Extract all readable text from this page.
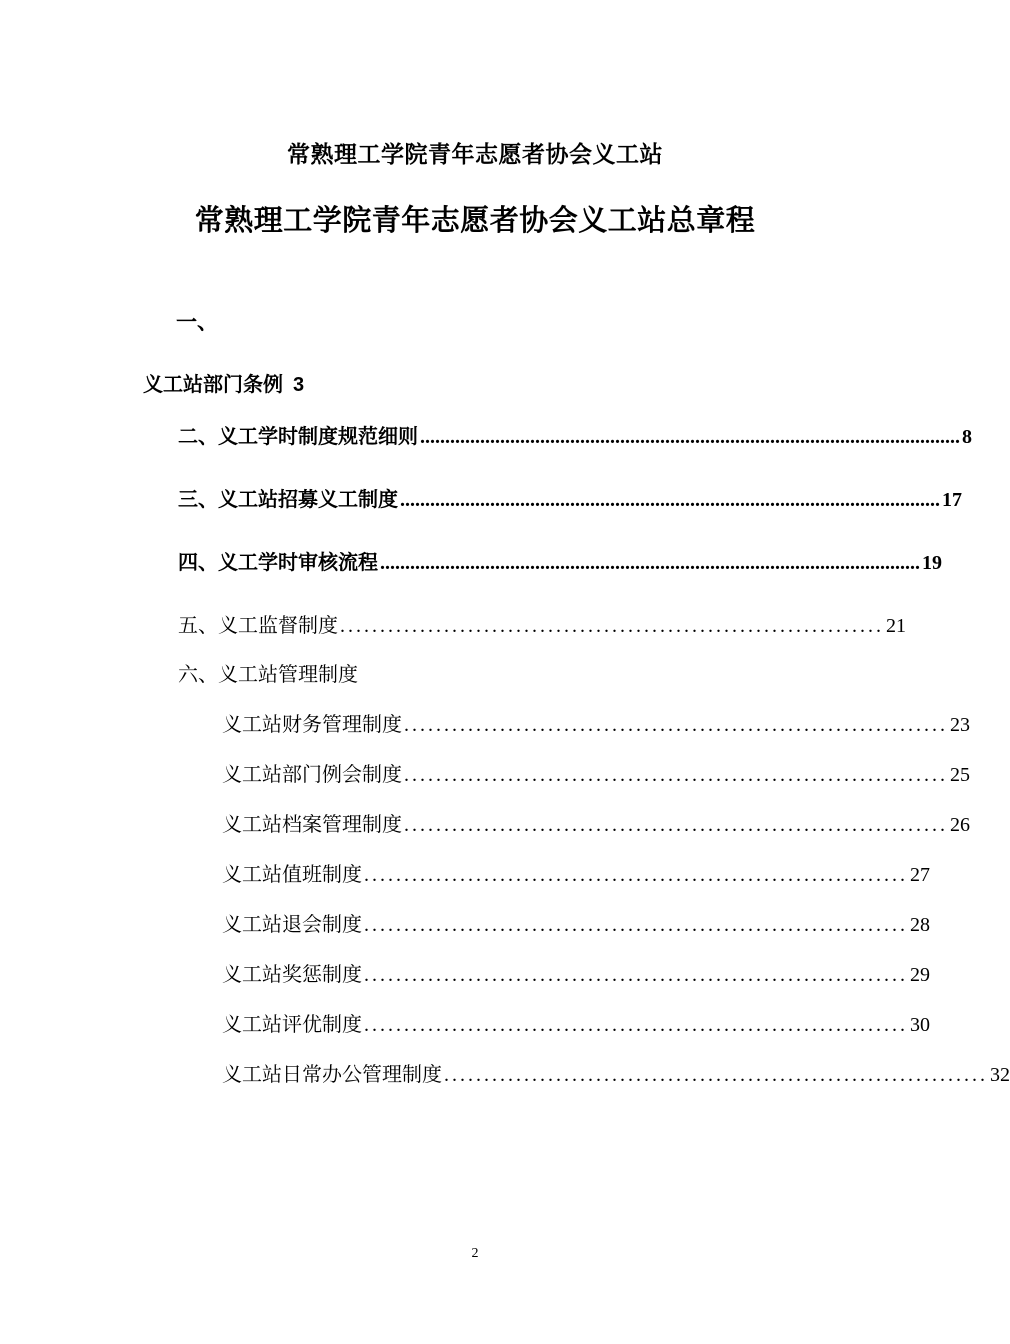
常熟理工学院青年志愿者协会义工站
常熟理工学院青年志愿者协会义工站总章程
一、
义工站部门条例 3
二、义工学时制度规范细则 ............................................................................................................ 8
三、义工站招募义工制度 ............................................................................................................ 17
四、义工学时审核流程 ............................................................................................................ 19
五、义工监督制度 .................................................................... 21
六、义工站管理制度
义工站财务管理制度 .................................................................... 23
义工站部门例会制度 .................................................................... 25
义工站档案管理制度 .................................................................... 26
义工站值班制度 .................................................................... 27
义工站退会制度 .................................................................... 28
义工站奖惩制度 .................................................................... 29
义工站评优制度 .................................................................... 30
义工站日常办公管理制度 .................................................................... 32
2
